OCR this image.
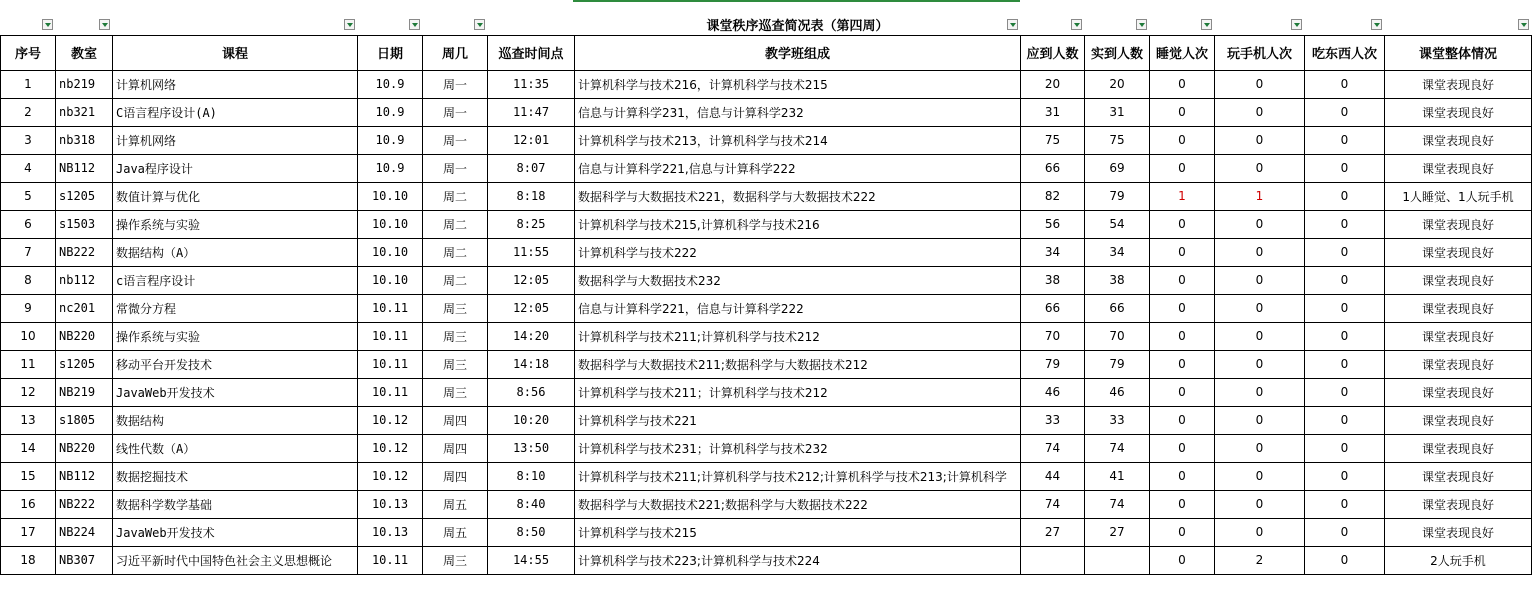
		课堂秩序巡查简况表（第四周）

序号	教室	课程	日期	周几	巡查时间点	教学班组成	应到人数	实到人数	睡觉人次	玩手机人次	吃东西人次	课堂整体情况
1	nb219	计算机网络	10.9	周一	11:35	计算机科学与技术216，计算机科学与技术215	20	20	0	0	0	课堂表现良好
2	nb321	C语言程序设计(A)	10.9	周一	11:47	信息与计算科学231，信息与计算科学232	31	31	0	0	0	课堂表现良好
3	nb318	计算机网络	10.9	周一	12:01	计算机科学与技术213，计算机科学与技术214	75	75	0	0	0	课堂表现良好
4	NB112	Java程序设计	10.9	周一	8:07	信息与计算科学221,信息与计算科学222	66	69	0	0	0	课堂表现良好
5	s1205	数值计算与优化	10.10	周二	8:18	数据科学与大数据技术221，数据科学与大数据技术222	82	79	1	1	0	1人睡觉、1人玩手机
6	s1503	操作系统与实验	10.10	周二	8:25	计算机科学与技术215,计算机科学与技术216	56	54	0	0	0	课堂表现良好
7	NB222	数据结构（A）	10.10	周二	11:55	计算机科学与技术222	34	34	0	0	0	课堂表现良好
8	nb112	c语言程序设计	10.10	周二	12:05	数据科学与大数据技术232	38	38	0	0	0	课堂表现良好
9	nc201	常微分方程	10.11	周三	12:05	信息与计算科学221，信息与计算科学222	66	66	0	0	0	课堂表现良好
10	NB220	操作系统与实验	10.11	周三	14:20	计算机科学与技术211;计算机科学与技术212	70	70	0	0	0	课堂表现良好
11	s1205	移动平台开发技术	10.11	周三	14:18	数据科学与大数据技术211;数据科学与大数据技术212	79	79	0	0	0	课堂表现良好
12	NB219	JavaWeb开发技术	10.11	周三	8:56	计算机科学与技术211；计算机科学与技术212	46	46	0	0	0	课堂表现良好
13	s1805	数据结构	10.12	周四	10:20	计算机科学与技术221	33	33	0	0	0	课堂表现良好
14	NB220	线性代数（A）	10.12	周四	13:50	计算机科学与技术231；计算机科学与技术232	74	74	0	0	0	课堂表现良好
15	NB112	数据挖掘技术	10.12	周四	8:10	计算机科学与技术211;计算机科学与技术212;计算机科学与技术213;计算机科学	44	41	0	0	0	课堂表现良好
16	NB222	数据科学数学基础	10.13	周五	8:40	数据科学与大数据技术221;数据科学与大数据技术222	74	74	0	0	0	课堂表现良好
17	NB224	JavaWeb开发技术	10.13	周五	8:50	计算机科学与技术215	27	27	0	0	0	课堂表现良好
18	NB307	习近平新时代中国特色社会主义思想概论	10.11	周三	14:55	计算机科学与技术223;计算机科学与技术224			0	2	0	2人玩手机
